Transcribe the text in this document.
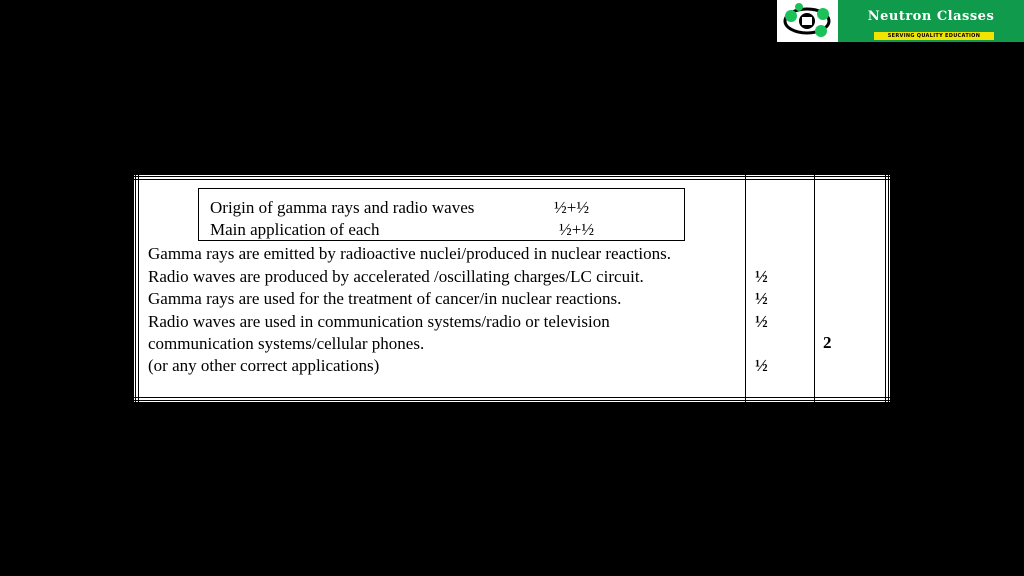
Neutron Classes
SERVING QUALITY EDUCATION
Origin of gamma rays and radio waves	½+½
Main application of each	½+½
Gamma rays are emitted by radioactive nuclei/produced in nuclear reactions.
Radio waves are produced by accelerated /oscillating charges/LC circuit.
Gamma rays are used for the treatment of cancer/in nuclear reactions.
Radio waves are used in communication systems/radio or television
communication systems/cellular phones.
(or any other correct applications)
½
½
½
½
2
